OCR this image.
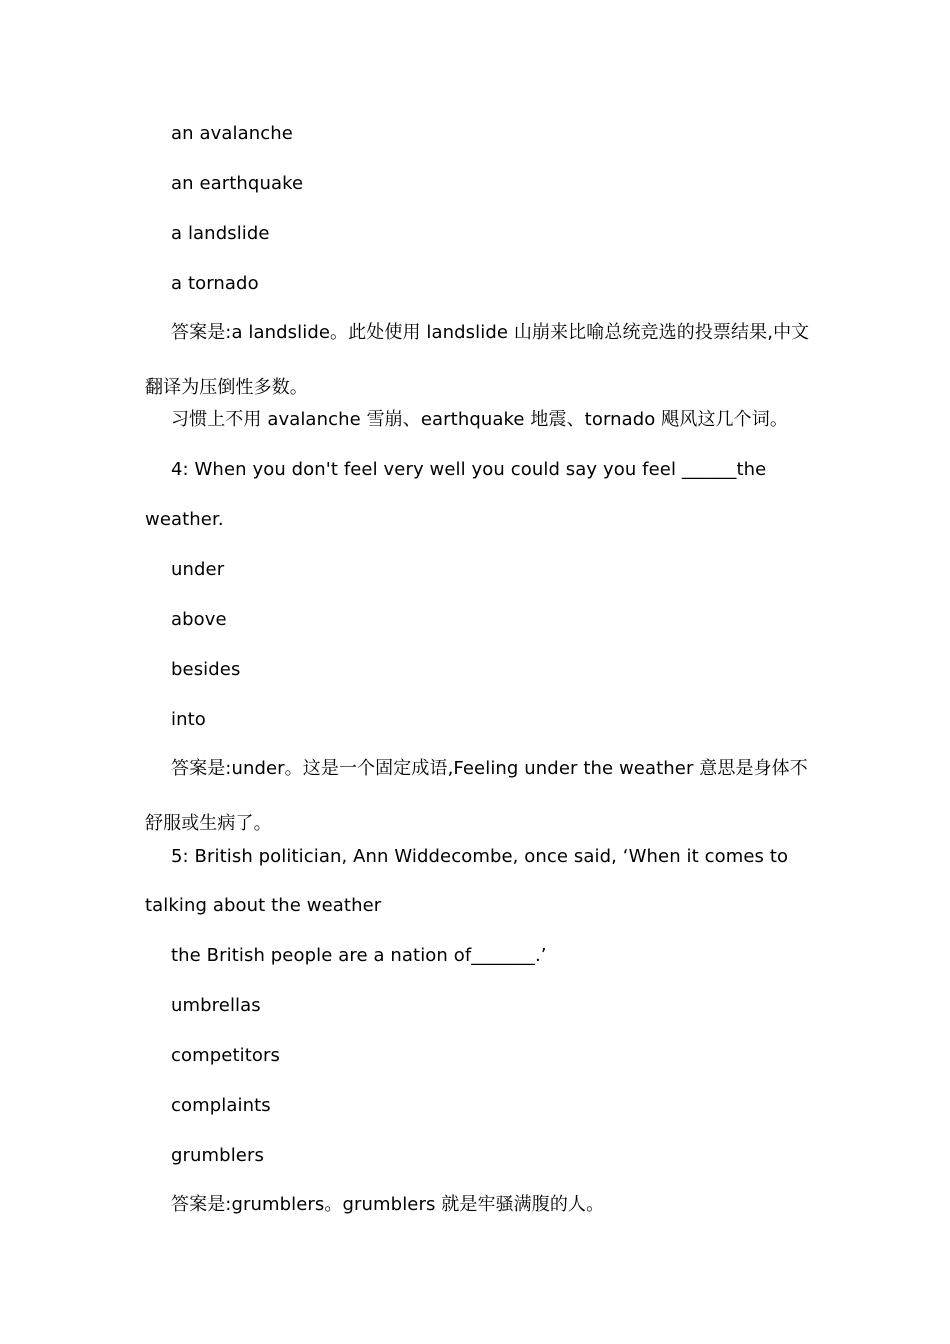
an avalanche
an earthquake
a landslide
a tornado
答案是:a landslide。此处使用 landslide 山崩来比喻总统竞选的投票结果,中文
翻译为压倒性多数。
习惯上不用 avalanche 雪崩、earthquake 地震、tornado 飓风这几个词。
4: When you don't feel very well you could say you feel ______the
weather.
under
above
besides
into
答案是:under。这是一个固定成语,Feeling under the weather 意思是身体不
舒服或生病了。
5: British politician, Ann Widdecombe, once said, ‘When it comes to
talking about the weather
the British people are a nation of_______.’
umbrellas
competitors
complaints
grumblers
答案是:grumblers。grumblers 就是牢骚满腹的人。
